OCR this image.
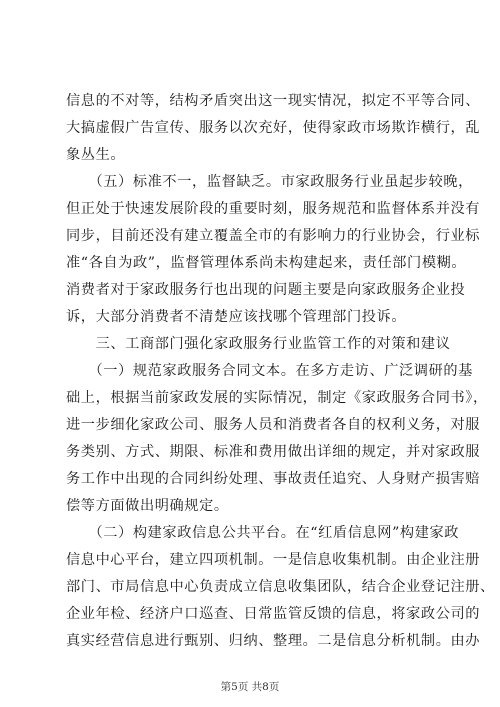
信息的不对等，结构矛盾突出这一现实情况，拟定不平等合同、
大搞虚假广告宣传、服务以次充好，使得家政市场欺诈横行，乱
象丛生。
　　（五）标准不一，监督缺乏。市家政服务行业虽起步较晚，
但正处于快速发展阶段的重要时刻，服务规范和监督体系并没有
同步，目前还没有建立覆盖全市的有影响力的行业协会，行业标
准“各自为政”，监督管理体系尚未构建起来，责任部门模糊。
消费者对于家政服务行也出现的问题主要是向家政服务企业投
诉，大部分消费者不清楚应该找哪个管理部门投诉。
　　三、工商部门强化家政服务行业监管工作的对策和建议
　　（一）规范家政服务合同文本。在多方走访、广泛调研的基
础上，根据当前家政发展的实际情况，制定《家政服务合同书》，
进一步细化家政公司、服务人员和消费者各自的权利义务，对服
务类别、方式、期限、标准和费用做出详细的规定，并对家政服
务工作中出现的合同纠纷处理、事故责任追究、人身财产损害赔
偿等方面做出明确规定。
　　（二）构建家政信息公共平台。在“红盾信息网”构建家政
信息中心平台，建立四项机制。一是信息收集机制。由企业注册
部门、市局信息中心负责成立信息收集团队，结合企业登记注册、
企业年检、经济户口巡查、日常监管反馈的信息，将家政公司的
真实经营信息进行甄别、归纳、整理。二是信息分析机制。由办

第5页 共8页
